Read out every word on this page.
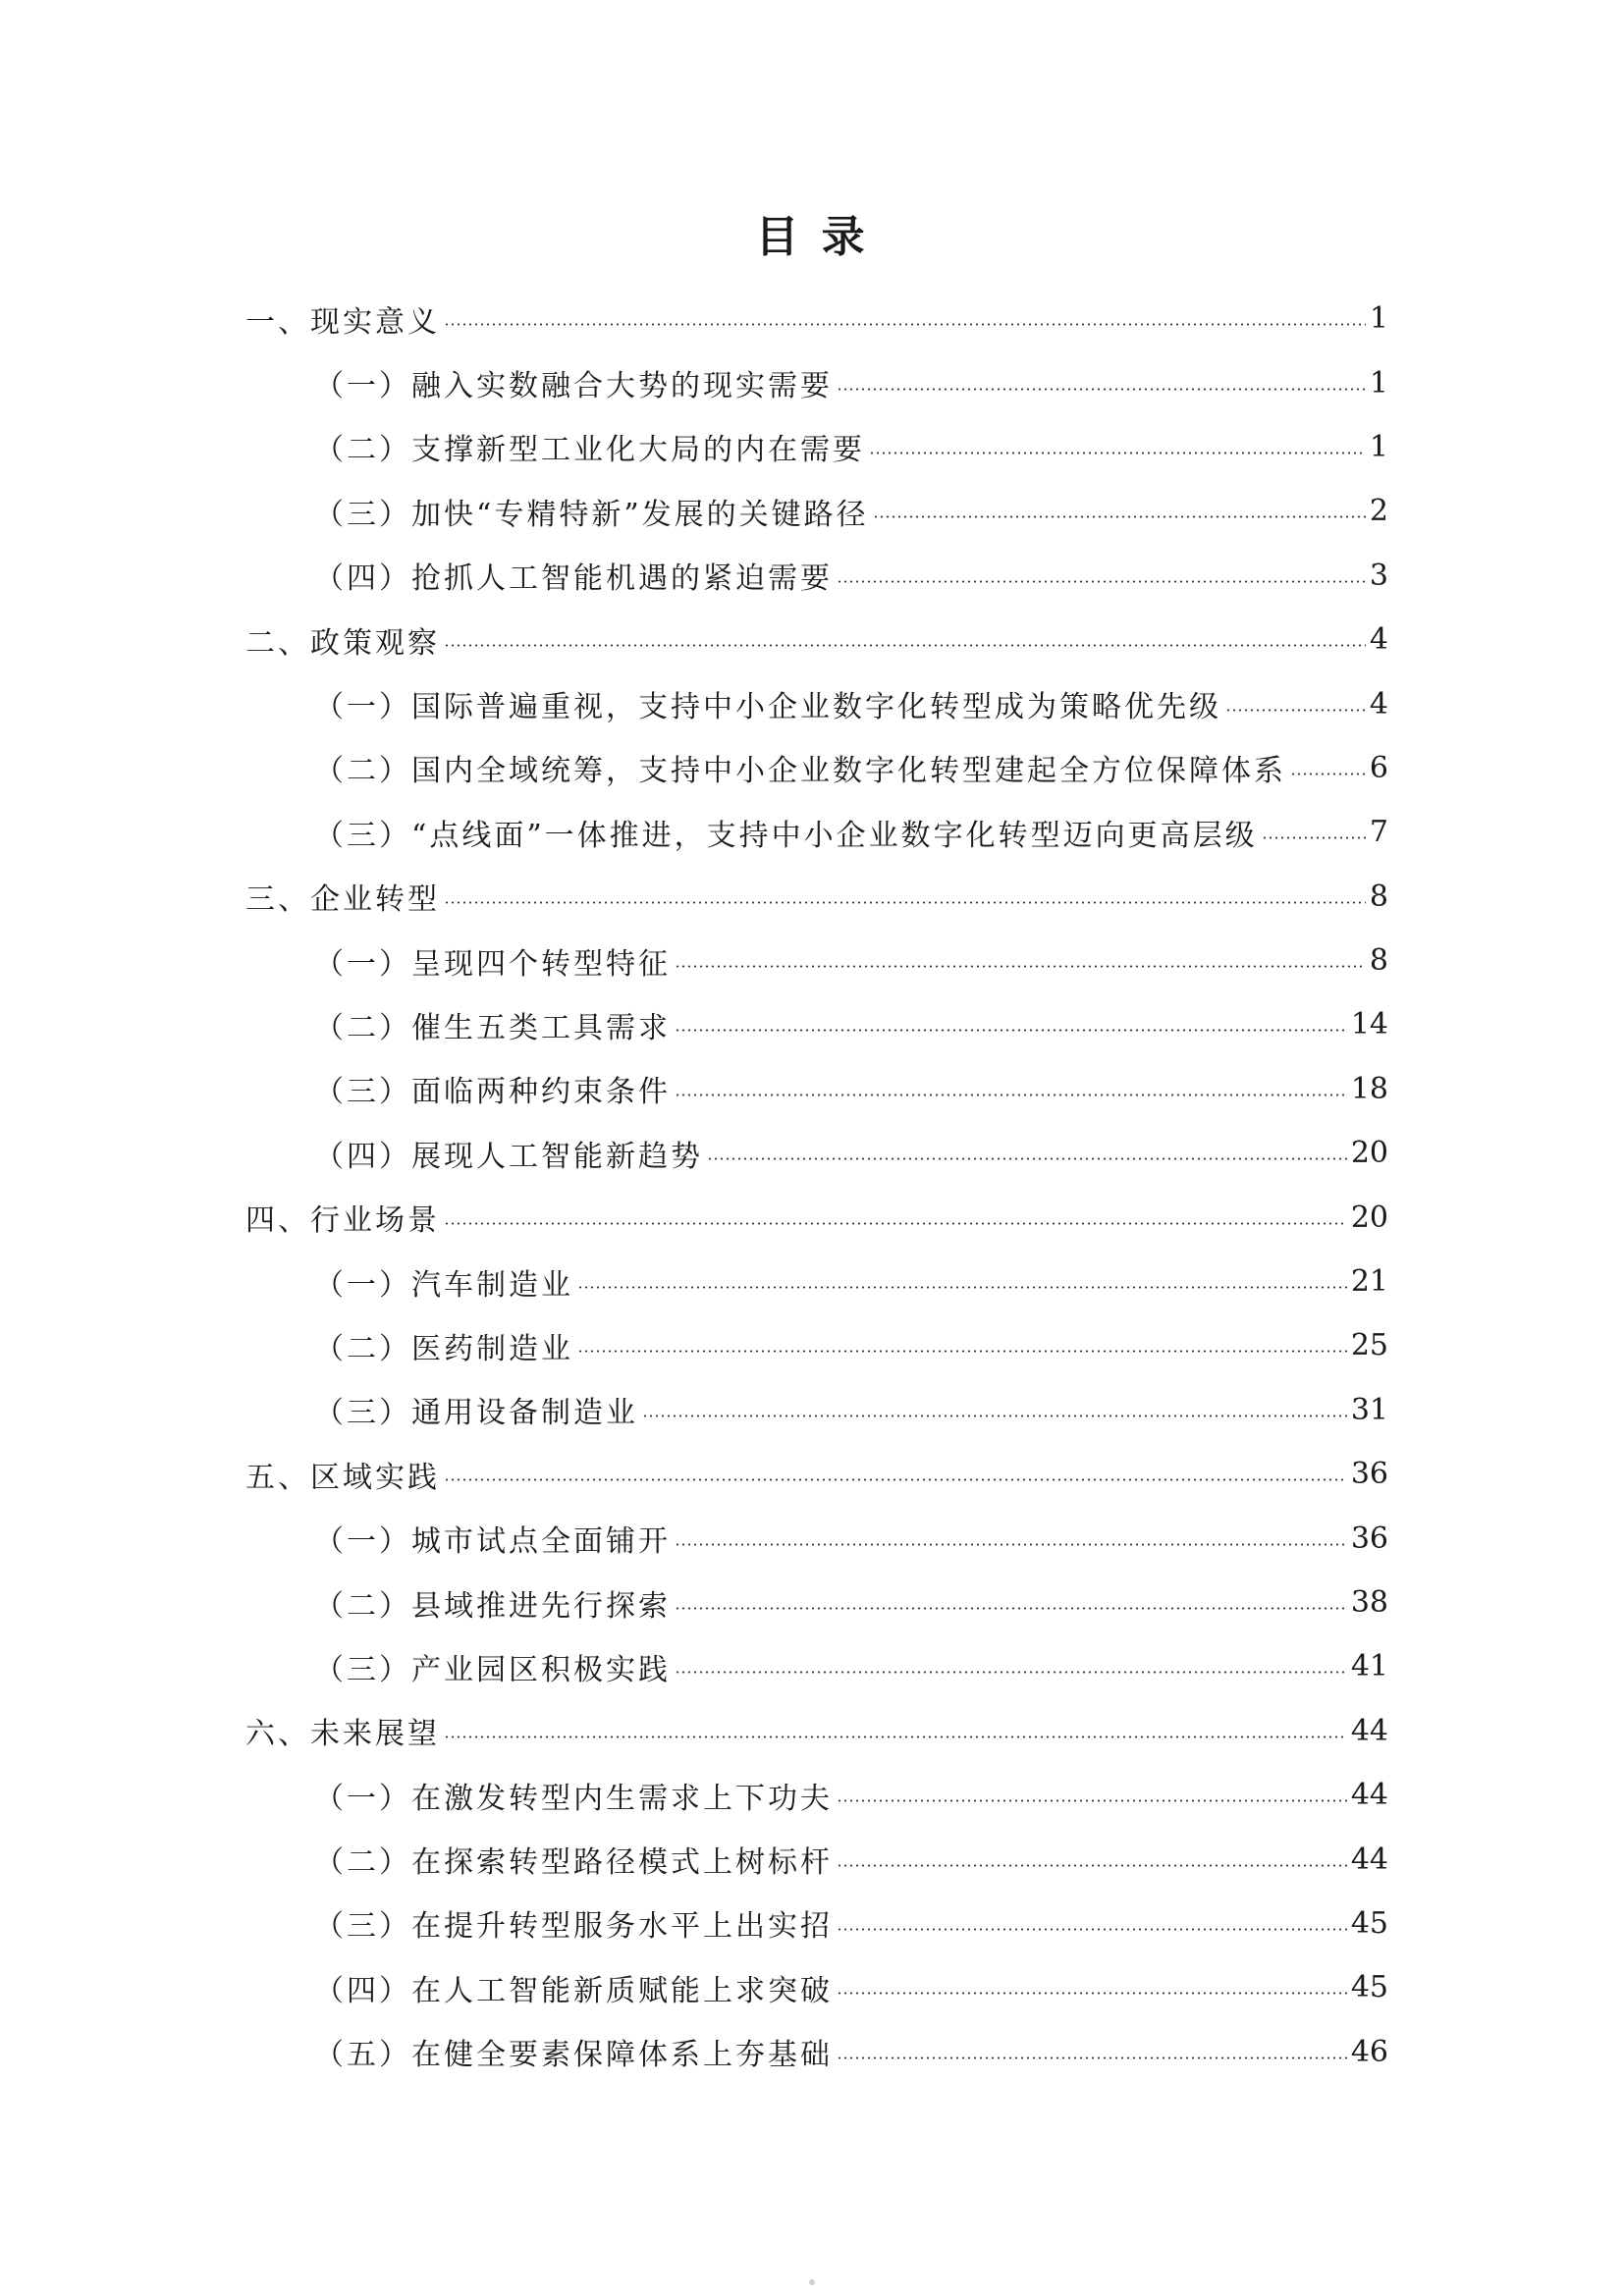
目 录
一、现实意义	1
（一）融入实数融合大势的现实需要	1
（二）支撑新型工业化大局的内在需要	1
（三）加快“专精特新”发展的关键路径	2
（四）抢抓人工智能机遇的紧迫需要	3
二、政策观察	4
（一）国际普遍重视，支持中小企业数字化转型成为策略优先级	4
（二）国内全域统筹，支持中小企业数字化转型建起全方位保障体系	6
（三）“点线面”一体推进，支持中小企业数字化转型迈向更高层级	7
三、企业转型	8
（一）呈现四个转型特征	8
（二）催生五类工具需求	14
（三）面临两种约束条件	18
（四）展现人工智能新趋势	20
四、行业场景	20
（一）汽车制造业	21
（二）医药制造业	25
（三）通用设备制造业	31
五、区域实践	36
（一）城市试点全面铺开	36
（二）县域推进先行探索	38
（三）产业园区积极实践	41
六、未来展望	44
（一）在激发转型内生需求上下功夫	44
（二）在探索转型路径模式上树标杆	44
（三）在提升转型服务水平上出实招	45
（四）在人工智能新质赋能上求突破	45
（五）在健全要素保障体系上夯基础	46
